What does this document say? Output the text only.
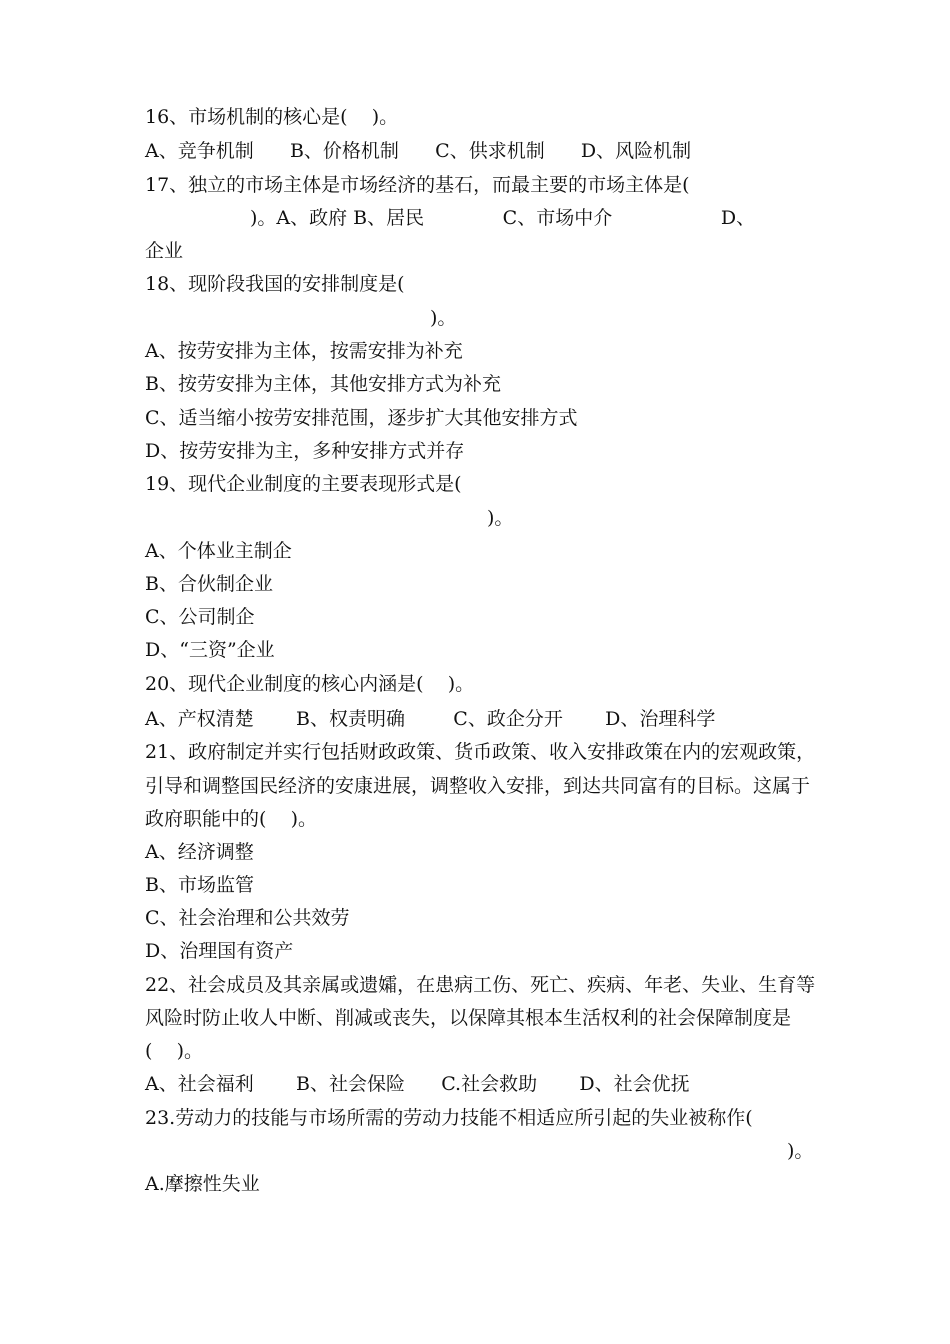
16、市场机制的核心是(    )。
A、竞争机制      B、价格机制      C、供求机制      D、风险机制
17、独立的市场主体是市场经济的基石，而最主要的市场主体是(
)。A、政府 B、居民             C、市场中介                  D、
企业
18、现阶段我国的安排制度是(
)。
A、按劳安排为主体，按需安排为补充
B、按劳安排为主体，其他安排方式为补充
C、适当缩小按劳安排范围，逐步扩大其他安排方式
D、按劳安排为主，多种安排方式并存
19、现代企业制度的主要表现形式是(
)。
A、个体业主制企
B、合伙制企业
C、公司制企
D、“三资”企业
20、现代企业制度的核心内涵是(    )。
A、产权清楚       B、权责明确        C、政企分开       D、治理科学
21、政府制定并实行包括财政政策、货币政策、收入安排政策在内的宏观政策，
引导和调整国民经济的安康进展，调整收入安排，到达共同富有的目标。这属于
政府职能中的(    )。
A、经济调整
B、市场监管
C、社会治理和公共效劳
D、治理国有资产
22、社会成员及其亲属或遗孀，在患病工伤、死亡、疾病、年老、失业、生育等
风险时防止收人中断、削减或丧失，以保障其根本生活权利的社会保障制度是
(    )。
A、社会福利       B、社会保险      C.社会救助       D、社会优抚
23.劳动力的技能与市场所需的劳动力技能不相适应所引起的失业被称作(
)。
A.摩擦性失业
